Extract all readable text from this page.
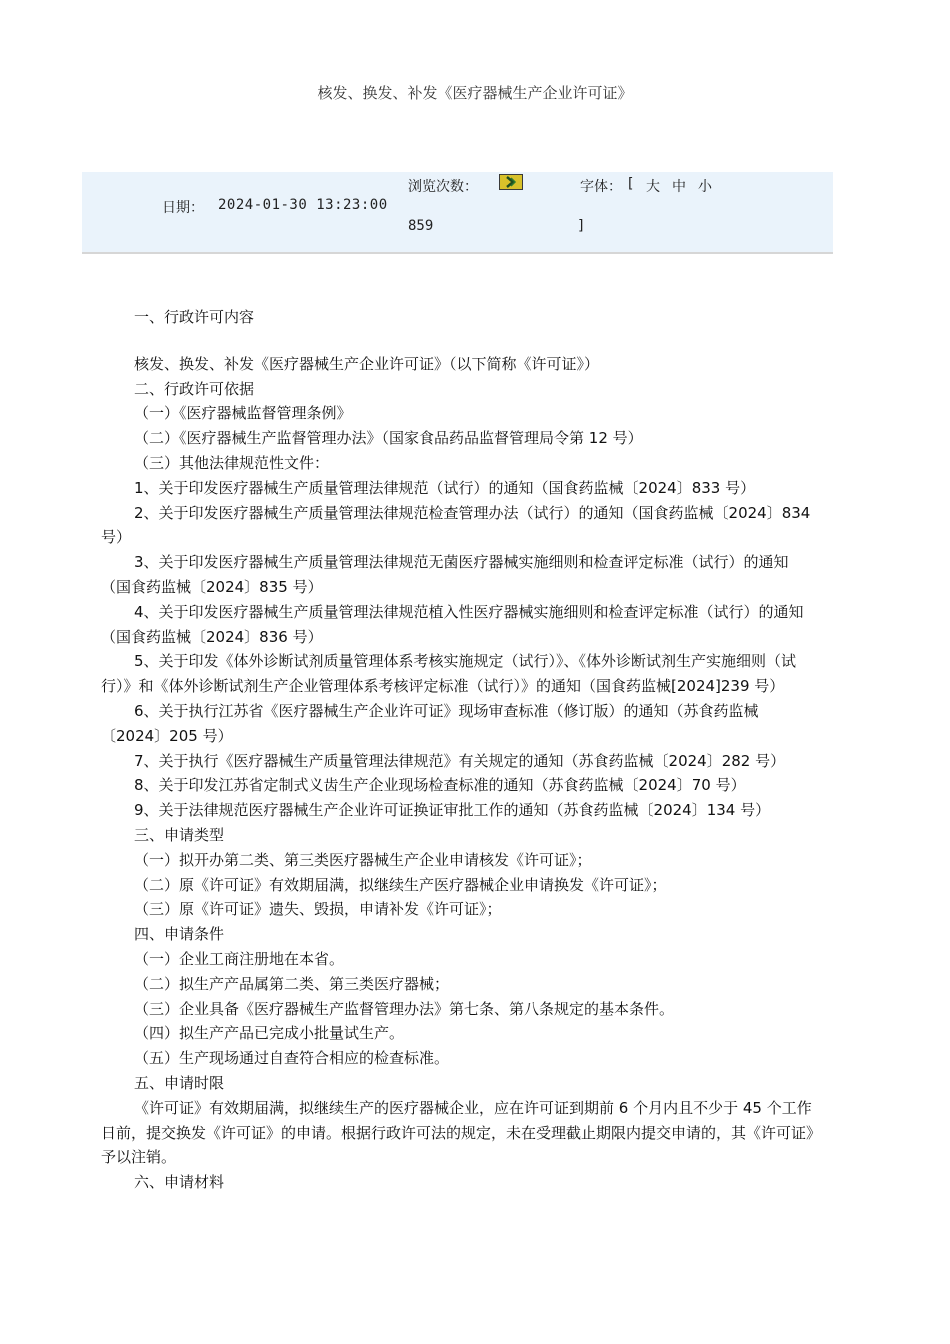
核发、换发、补发《医疗器械生产企业许可证》
日期： 2024-01-30 13:23:00
浏览次数：
859
字体： [ 大 中 小
]

一、行政许可内容

核发、换发、补发《医疗器械生产企业许可证》（以下简称《许可证》）

二、行政许可依据

（一）《医疗器械监督管理条例》

（二）《医疗器械生产监督管理办法》（国家食品药品监督管理局令第 12 号）

（三）其他法律规范性文件：

1、关于印发医疗器械生产质量管理法律规范（试行）的通知（国食药监械〔2024〕833 号）

2、关于印发医疗器械生产质量管理法律规范检查管理办法（试行）的通知（国食药监械〔2024〕834 号）

3、关于印发医疗器械生产质量管理法律规范无菌医疗器械实施细则和检查评定标准（试行）的通知（国食药监械〔2024〕835 号）

4、关于印发医疗器械生产质量管理法律规范植入性医疗器械实施细则和检查评定标准（试行）的通知（国食药监械〔2024〕836 号）

5、关于印发《体外诊断试剂质量管理体系考核实施规定（试行）》、《体外诊断试剂生产实施细则（试行）》和《体外诊断试剂生产企业管理体系考核评定标准（试行）》的通知（国食药监械[2024]239 号）

6、关于执行江苏省《医疗器械生产企业许可证》现场审查标准（修订版）的通知（苏食药监械〔2024〕205 号）

7、关于执行《医疗器械生产质量管理法律规范》有关规定的通知（苏食药监械〔2024〕282 号）

8、关于印发江苏省定制式义齿生产企业现场检查标准的通知（苏食药监械〔2024〕70 号）

9、关于法律规范医疗器械生产企业许可证换证审批工作的通知（苏食药监械〔2024〕134 号）

三、申请类型

（一）拟开办第二类、第三类医疗器械生产企业申请核发《许可证》；

（二）原《许可证》有效期届满，拟继续生产医疗器械企业申请换发《许可证》；

（三）原《许可证》遗失、毁损，申请补发《许可证》；

四、申请条件

（一）企业工商注册地在本省。

（二）拟生产产品属第二类、第三类医疗器械；

（三）企业具备《医疗器械生产监督管理办法》第七条、第八条规定的基本条件。

（四）拟生产产品已完成小批量试生产。

（五）生产现场通过自查符合相应的检查标准。

五、申请时限

《许可证》有效期届满，拟继续生产的医疗器械企业，应在许可证到期前 6 个月内且不少于 45 个工作日前，提交换发《许可证》的申请。根据行政许可法的规定，未在受理截止期限内提交申请的，其《许可证》予以注销。

六、申请材料
